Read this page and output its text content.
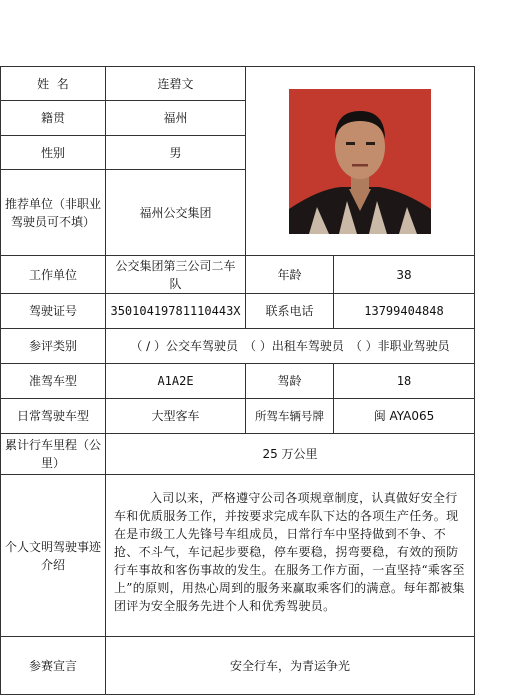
姓  名	连碧文	

籍贯	福州		
性别	男		
推荐单位（非职业驾驶员可不填）	福州公交集团		
工作单位	公交集团第三公司二车队	年龄	38
驾驶证号	35010419781110443X	联系电话	13799404848
参评类别	（ ∕ ）公交车驾驶员　（ ）出租车驾驶员　（ ）非职业驾驶员		
准驾车型	A1A2E	驾龄	18
日常驾驶车型	大型客车	所驾车辆号牌	闽 AYA065
累计行车里程（公里）	25 万公里		
个人文明驾驶事迹介绍	入司以来，严格遵守公司各项规章制度，认真做好安全行车和优质服务工作，并按要求完成车队下达的各项生产任务。现在是市级工人先锋号车组成员，日常行车中坚持做到不争、不抢、不斗气，车记起步要稳，停车要稳，拐弯要稳，有效的预防行车事故和客伤事故的发生。在服务工作方面，一直坚持“乘客至上”的原则，用热心周到的服务来赢取乘客们的满意。每年都被集团评为安全服务先进个人和优秀驾驶员。		
参赛宣言	安全行车，为青运争光		
